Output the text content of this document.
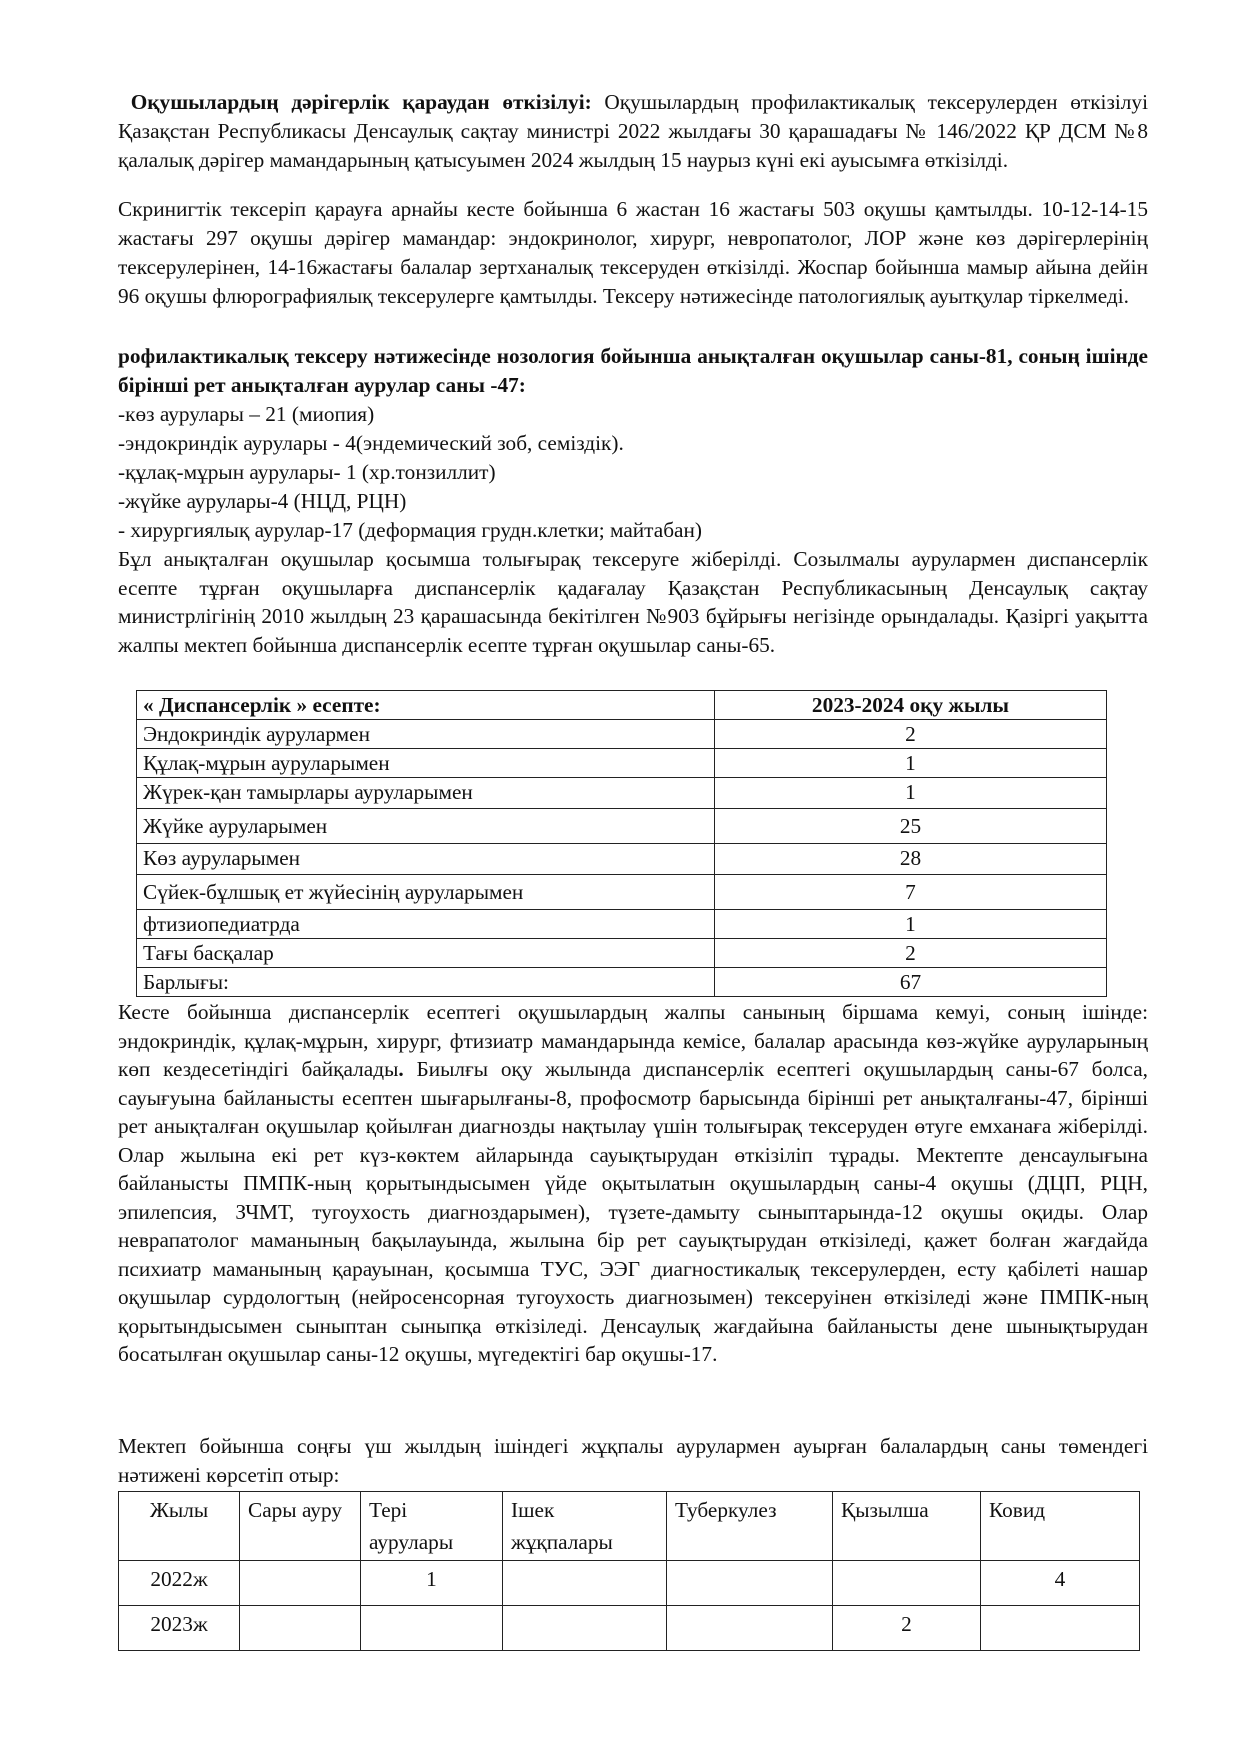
Оқушылардың дәрігерлік қараудан өткізілуі: Оқушылардың профилактикалық тексерулерден өткізілуі Қазақстан Республикасы Денсаулық сақтау министрі 2022 жылдағы 30 қарашадағы № 146/2022 ҚР ДСМ №8 қалалық дәрігер мамандарының қатысуымен 2024 жылдың 15 наурыз күні екі ауысымға өткізілді.

Скринигтік тексеріп қарауға арнайы кесте бойынша 6 жастан 16 жастағы 503 оқушы қамтылды. 10-12-14-15 жастағы 297 оқушы дәрігер мамандар: эндокринолог, хирург, невропатолог, ЛОР және көз дәрігерлерінің тексерулерінен, 14-16жастағы балалар зертханалық тексеруден өткізілді. Жоспар бойынша мамыр айына дейін 96 оқушы флюрографиялық тексерулерге қамтылды. Тексеру нәтижесінде патологиялық ауытқулар тіркелмеді.

рофилактикалық тексеру нәтижесінде нозология бойынша анықталған оқушылар саны-81, соның ішінде бірінші рет анықталған аурулар саны -47:

-көз аурулары – 21 (миопия)

-эндокриндік аурулары - 4(эндемический зоб, семіздік).

-құлақ-мұрын аурулары- 1 (хр.тонзиллит)

-жүйке аурулары-4 (НЦД, РЦН)

- хирургиялық аурулар-17 (деформация грудн.клетки; майтабан)

Бұл анықталған оқушылар қосымша толығырақ тексеруге жіберілді. Созылмалы аурулармен диспансерлік есепте тұрған оқушыларға диспансерлік қадағалау Қазақстан Республикасының Денсаулық сақтау министрлігінің 2010 жылдың 23 қарашасында бекітілген №903 бұйрығы негізінде орындалады. Қазіргі уақытта жалпы мектеп бойынша диспансерлік есепте тұрған оқушылар саны-65.

« Диспансерлік » есепте:	2023-2024 оқу жылы
Эндокриндік аурулармен	2
Құлақ-мұрын ауруларымен	1
Жүрек-қан тамырлары ауруларымен	1
Жүйке ауруларымен	25
Көз ауруларымен	28
Сүйек-бұлшық ет жүйесінің ауруларымен	7
фтизиопедиатрда	1
Тағы басқалар	2
Барлығы:	67

Кесте бойынша диспансерлік есептегі оқушылардың жалпы санының біршама кемуі, соның ішінде: эндокриндік, құлақ-мұрын, хирург, фтизиатр мамандарында кемісе, балалар арасында көз-жүйке ауруларының көп кездесетіндігі байқалады. Биылғы оқу жылында диспансерлік есептегі оқушылардың саны-67 болса, сауығуына байланысты есептен шығарылғаны-8, профосмотр барысында бірінші рет анықталғаны-47, бірінші рет анықталған оқушылар қойылған диагнозды нақтылау үшін толығырақ тексеруден өтуге емханаға жіберілді. Олар жылына екі рет күз-көктем айларында сауықтырудан өткізіліп тұрады. Мектепте денсаулығына байланысты ПМПК-ның қорытындысымен үйде оқытылатын оқушылардың саны-4 оқушы (ДЦП, РЦН, эпилепсия, ЗЧМТ, тугоухость диагноздарымен), түзете-дамыту сыныптарында-12 оқушы оқиды. Олар неврапатолог маманының бақылауында, жылына бір рет сауықтырудан өткізіледі, қажет болған жағдайда психиатр маманының қарауынан, қосымша ТУС, ЭЭГ диагностикалық тексерулерден, есту қабілеті нашар оқушылар сурдологтың (нейросенсорная тугоухость диагнозымен) тексеруінен өткізіледі және ПМПК-ның қорытындысымен сыныптан сыныпқа өткізіледі. Денсаулық жағдайына байланысты дене шынықтырудан босатылған оқушылар саны-12 оқушы, мүгедектігі бар оқушы-17.

Мектеп бойынша соңғы үш жылдың ішіндегі жұқпалы аурулармен ауырған балалардың саны төмендегі нәтижені көрсетіп отыр:

Жылы	Сары ауру	Тері аурулары	Ішек жұқпалары	Туберкулез	Қызылша	Ковид
2022ж		1				4
2023ж					2	
